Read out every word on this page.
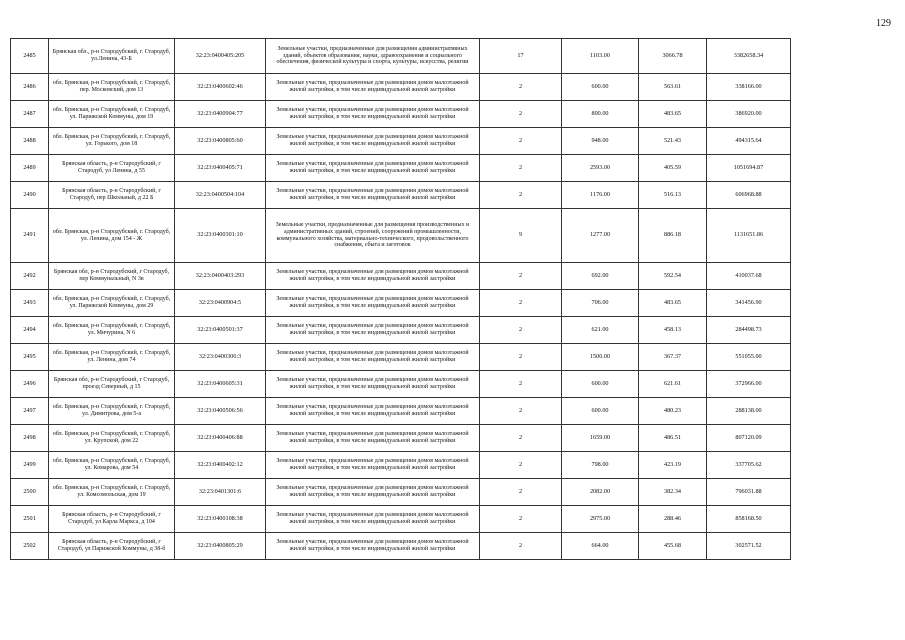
129
2485	Брянская обл., р-н Стародубский, г. Стародуб, ул.Ленина, 43-Б	32:23:0400405:205	Земельные участки, предназначенные для размещения административных зданий, объектов образования, науки, здравоохранения и социального обеспечения, физической культуры и спорта, культуры, искусства, религии	17	1103.00	3066.78	3382658.34
2486	обл. Брянская, р-н Стародубский, г. Стародуб, пер. Московский, дом 13	32:23:0400602:46	Земельные участки, предназначенные для размещения домов малоэтажной жилой застройки, в том числе индивидуальной жилой застройки	2	600.00	563.61	338166.00
2487	обл. Брянская, р-н Стародубский, г. Стародуб, ул. Парижской Коммуны, дом 19	32:23:0400904:77	Земельные участки, предназначенные для размещения домов малоэтажной жилой застройки, в том числе индивидуальной жилой застройки	2	800.00	483.65	386920.00
2488	обл. Брянская, р-н Стародубский, г. Стародуб, ул. Горького, дом 18	32:23:0400805:60	Земельные участки, предназначенные для размещения домов малоэтажной жилой застройки, в том числе индивидуальной жилой застройки	2	948.00	521.43	494315.64
2489	Брянская область, р-н Стародубский, г Стародуб, ул Ленина, д 55	32:23:0400405:71	Земельные участки, предназначенные для размещения домов малоэтажной жилой застройки, в том числе индивидуальной жилой застройки	2	2593.00	405.59	1051694.87
2490	Брянская область, р-н Стародубский, г Стародуб, пер Школьный, д 22 Б	32:23:0400504:104	Земельные участки, предназначенные для размещения домов малоэтажной жилой застройки, в том числе индивидуальной жилой застройки	2	1176.00	516.13	606968.88
2491	обл. Брянская, р-н Стародубский, г. Стародуб, ул. Ленина, дом 154 - Ж	32:23:0400301:10	Земельные участки, предназначенные для размещения производственных и административных зданий, строений, сооружений промышленности, коммунального хозяйства, материально-технического, продовольственного снабжения, сбыта и заготовок	9	1277.00	886.18	1131651.86
2492	Брянская обл, р-н Стародубский, г Стародуб, пер Коммунальный, N 3в	32:23:0400403:293	Земельные участки, предназначенные для размещения домов малоэтажной жилой застройки, в том числе индивидуальной жилой застройки	2	692.00	592.54	410037.68
2493	обл. Брянская, р-н Стародубский, г. Стародуб, ул. Парижской Коммуны, дом 29	32:23:0400904:5	Земельные участки, предназначенные для размещения домов малоэтажной жилой застройки, в том числе индивидуальной жилой застройки	2	706.00	483.65	341456.90
2494	обл. Брянская, р-н Стародубский, г. Стародуб, ул. Мичурина, N 6	32:23:0400501:37	Земельные участки, предназначенные для размещения домов малоэтажной жилой застройки, в том числе индивидуальной жилой застройки	2	621.00	458.13	284498.73
2495	обл. Брянская, р-н Стародубский, г. Стародуб, ул. Ленина, дом 74	32:23:0400306:3	Земельные участки, предназначенные для размещения домов малоэтажной жилой застройки, в том числе индивидуальной жилой застройки	2	1500.00	367.37	551055.00
2496	Брянская обл, р-н Стародубский, г Стародуб, проезд Северный, д 15	32:23:0400605:31	Земельные участки, предназначенные для размещения домов малоэтажной жилой застройки, в том числе индивидуальной жилой застройки	2	600.00	621.61	372966.00
2497	обл. Брянская, р-н Стародубский, г. Стародуб, ул. Димитрова, дом 5-а	32:23:0400506:56	Земельные участки, предназначенные для размещения домов малоэтажной жилой застройки, в том числе индивидуальной жилой застройки	2	600.00	480.23	288138.00
2498	обл. Брянская, р-н Стародубский, г. Стародуб, ул. Крупской, дом 22	32:23:0400406:88	Земельные участки, предназначенные для размещения домов малоэтажной жилой застройки, в том числе индивидуальной жилой застройки	2	1659.00	486.51	807120.09
2499	обл. Брянская, р-н Стародубский, г. Стародуб, ул. Комарова, дом 54	32:23:0400402:12	Земельные участки, предназначенные для размещения домов малоэтажной жилой застройки, в том числе индивидуальной жилой застройки	2	798.00	423.19	337705.62
2500	обл. Брянская, р-н Стародубский, г. Стародуб, ул. Комсомольская, дом 19	32:23:0401301:6	Земельные участки, предназначенные для размещения домов малоэтажной жилой застройки, в том числе индивидуальной жилой застройки	2	2082.00	382.34	796031.88
2501	Брянская область, р-н Стародубский, г Стародуб, ул Карла Маркса, д 104	32:23:0400108:38	Земельные участки, предназначенные для размещения домов малоэтажной жилой застройки, в том числе индивидуальной жилой застройки	2	2975.00	288.46	858168.50
2502	Брянская область, р-н Стародубский, г Стародуб, ул Парижской Коммуны, д 38-б	32:23:0400805:29	Земельные участки, предназначенные для размещения домов малоэтажной жилой застройки, в том числе индивидуальной жилой застройки	2	664.00	455.68	302571.52
